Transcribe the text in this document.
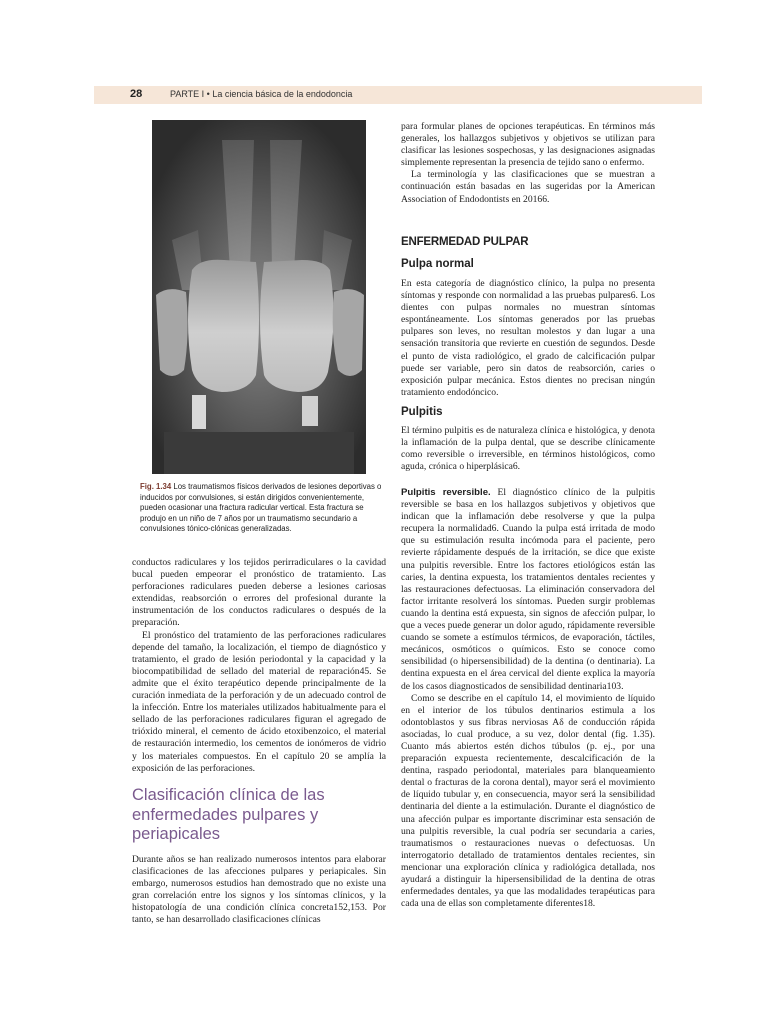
28	PARTE I • La ciencia básica de la endodoncia
Fig. 1.34 Los traumatismos físicos derivados de lesiones deportivas o inducidos por convulsiones, si están dirigidos convenientemente, pueden ocasionar una fractura radicular vertical. Esta fractura se produjo en un niño de 7 años por un traumatismo secundario a convulsiones tónico-clónicas generalizadas.

conductos radiculares y los tejidos perirradiculares o la cavidad bucal pueden empeorar el pronóstico de tratamiento. Las perforaciones radiculares pueden deberse a lesiones cariosas extendidas, reabsorción o errores del profesional durante la instrumentación de los conductos radiculares o después de la preparación.

El pronóstico del tratamiento de las perforaciones radiculares depende del tamaño, la localización, el tiempo de diagnóstico y tratamiento, el grado de lesión periodontal y la capacidad y la biocompatibilidad de sellado del material de reparación45. Se admite que el éxito terapéutico depende principalmente de la curación inmediata de la perforación y de un adecuado control de la infección. Entre los materiales utilizados habitualmente para el sellado de las perforaciones radiculares figuran el agregado de trióxido mineral, el cemento de ácido etoxibenzoico, el material de restauración intermedio, los cementos de ionómeros de vidrio y los materiales compuestos. En el capítulo 20 se amplía la exposición de las perforaciones.

Clasificación clínica de las enfermedades pulpares y periapicales

Durante años se han realizado numerosos intentos para elaborar clasificaciones de las afecciones pulpares y periapicales. Sin embargo, numerosos estudios han demostrado que no existe una gran correlación entre los signos y los síntomas clínicos, y la histopatología de una condición clínica concreta152,153. Por tanto, se han desarrollado clasificaciones clínicas

para formular planes de opciones terapéuticas. En términos más generales, los hallazgos subjetivos y objetivos se utilizan para clasificar las lesiones sospechosas, y las designaciones asignadas simplemente representan la presencia de tejido sano o enfermo.

La terminología y las clasificaciones que se muestran a continuación están basadas en las sugeridas por la American Association of Endodontists en 20166.

ENFERMEDAD PULPAR
Pulpa normal

En esta categoría de diagnóstico clínico, la pulpa no presenta síntomas y responde con normalidad a las pruebas pulpares6. Los dientes con pulpas normales no muestran síntomas espontáneamente. Los síntomas generados por las pruebas pulpares son leves, no resultan molestos y dan lugar a una sensación transitoria que revierte en cuestión de segundos. Desde el punto de vista radiológico, el grado de calcificación pulpar puede ser variable, pero sin datos de reabsorción, caries o exposición pulpar mecánica. Estos dientes no precisan ningún tratamiento endodóncico.

Pulpitis

El término pulpitis es de naturaleza clínica e histológica, y denota la inflamación de la pulpa dental, que se describe clínicamente como reversible o irreversible, en términos histológicos, como aguda, crónica o hiperplásica6.

Pulpitis reversible. El diagnóstico clínico de la pulpitis reversible se basa en los hallazgos subjetivos y objetivos que indican que la inflamación debe resolverse y que la pulpa recupera la normalidad6. Cuando la pulpa está irritada de modo que su estimulación resulta incómoda para el paciente, pero revierte rápidamente después de la irritación, se dice que existe una pulpitis reversible. Entre los factores etiológicos están las caries, la dentina expuesta, los tratamientos dentales recientes y las restauraciones defectuosas. La eliminación conservadora del factor irritante resolverá los síntomas. Pueden surgir problemas cuando la dentina está expuesta, sin signos de afección pulpar, lo que a veces puede generar un dolor agudo, rápidamente reversible cuando se somete a estímulos térmicos, de evaporación, táctiles, mecánicos, osmóticos o químicos. Esto se conoce como sensibilidad (o hipersensibilidad) de la dentina (o dentinaria). La dentina expuesta en el área cervical del diente explica la mayoría de los casos diagnosticados de sensibilidad dentinaria103.

Como se describe en el capítulo 14, el movimiento de líquido en el interior de los túbulos dentinarios estimula a los odontoblastos y sus fibras nerviosas Aδ de conducción rápida asociadas, lo cual produce, a su vez, dolor dental (fig. 1.35). Cuanto más abiertos estén dichos túbulos (p. ej., por una preparación expuesta recientemente, descalcificación de la dentina, raspado periodontal, materiales para blanqueamiento dental o fracturas de la corona dental), mayor será el movimiento de líquido tubular y, en consecuencia, mayor será la sensibilidad dentinaria del diente a la estimulación. Durante el diagnóstico de una afección pulpar es importante discriminar esta sensación de una pulpitis reversible, la cual podría ser secundaria a caries, traumatismos o restauraciones nuevas o defectuosas. Un interrogatorio detallado de tratamientos dentales recientes, sin mencionar una exploración clínica y radiológica detallada, nos ayudará a distinguir la hipersensibilidad de la dentina de otras enfermedades dentales, ya que las modalidades terapéuticas para cada una de ellas son completamente diferentes18.
